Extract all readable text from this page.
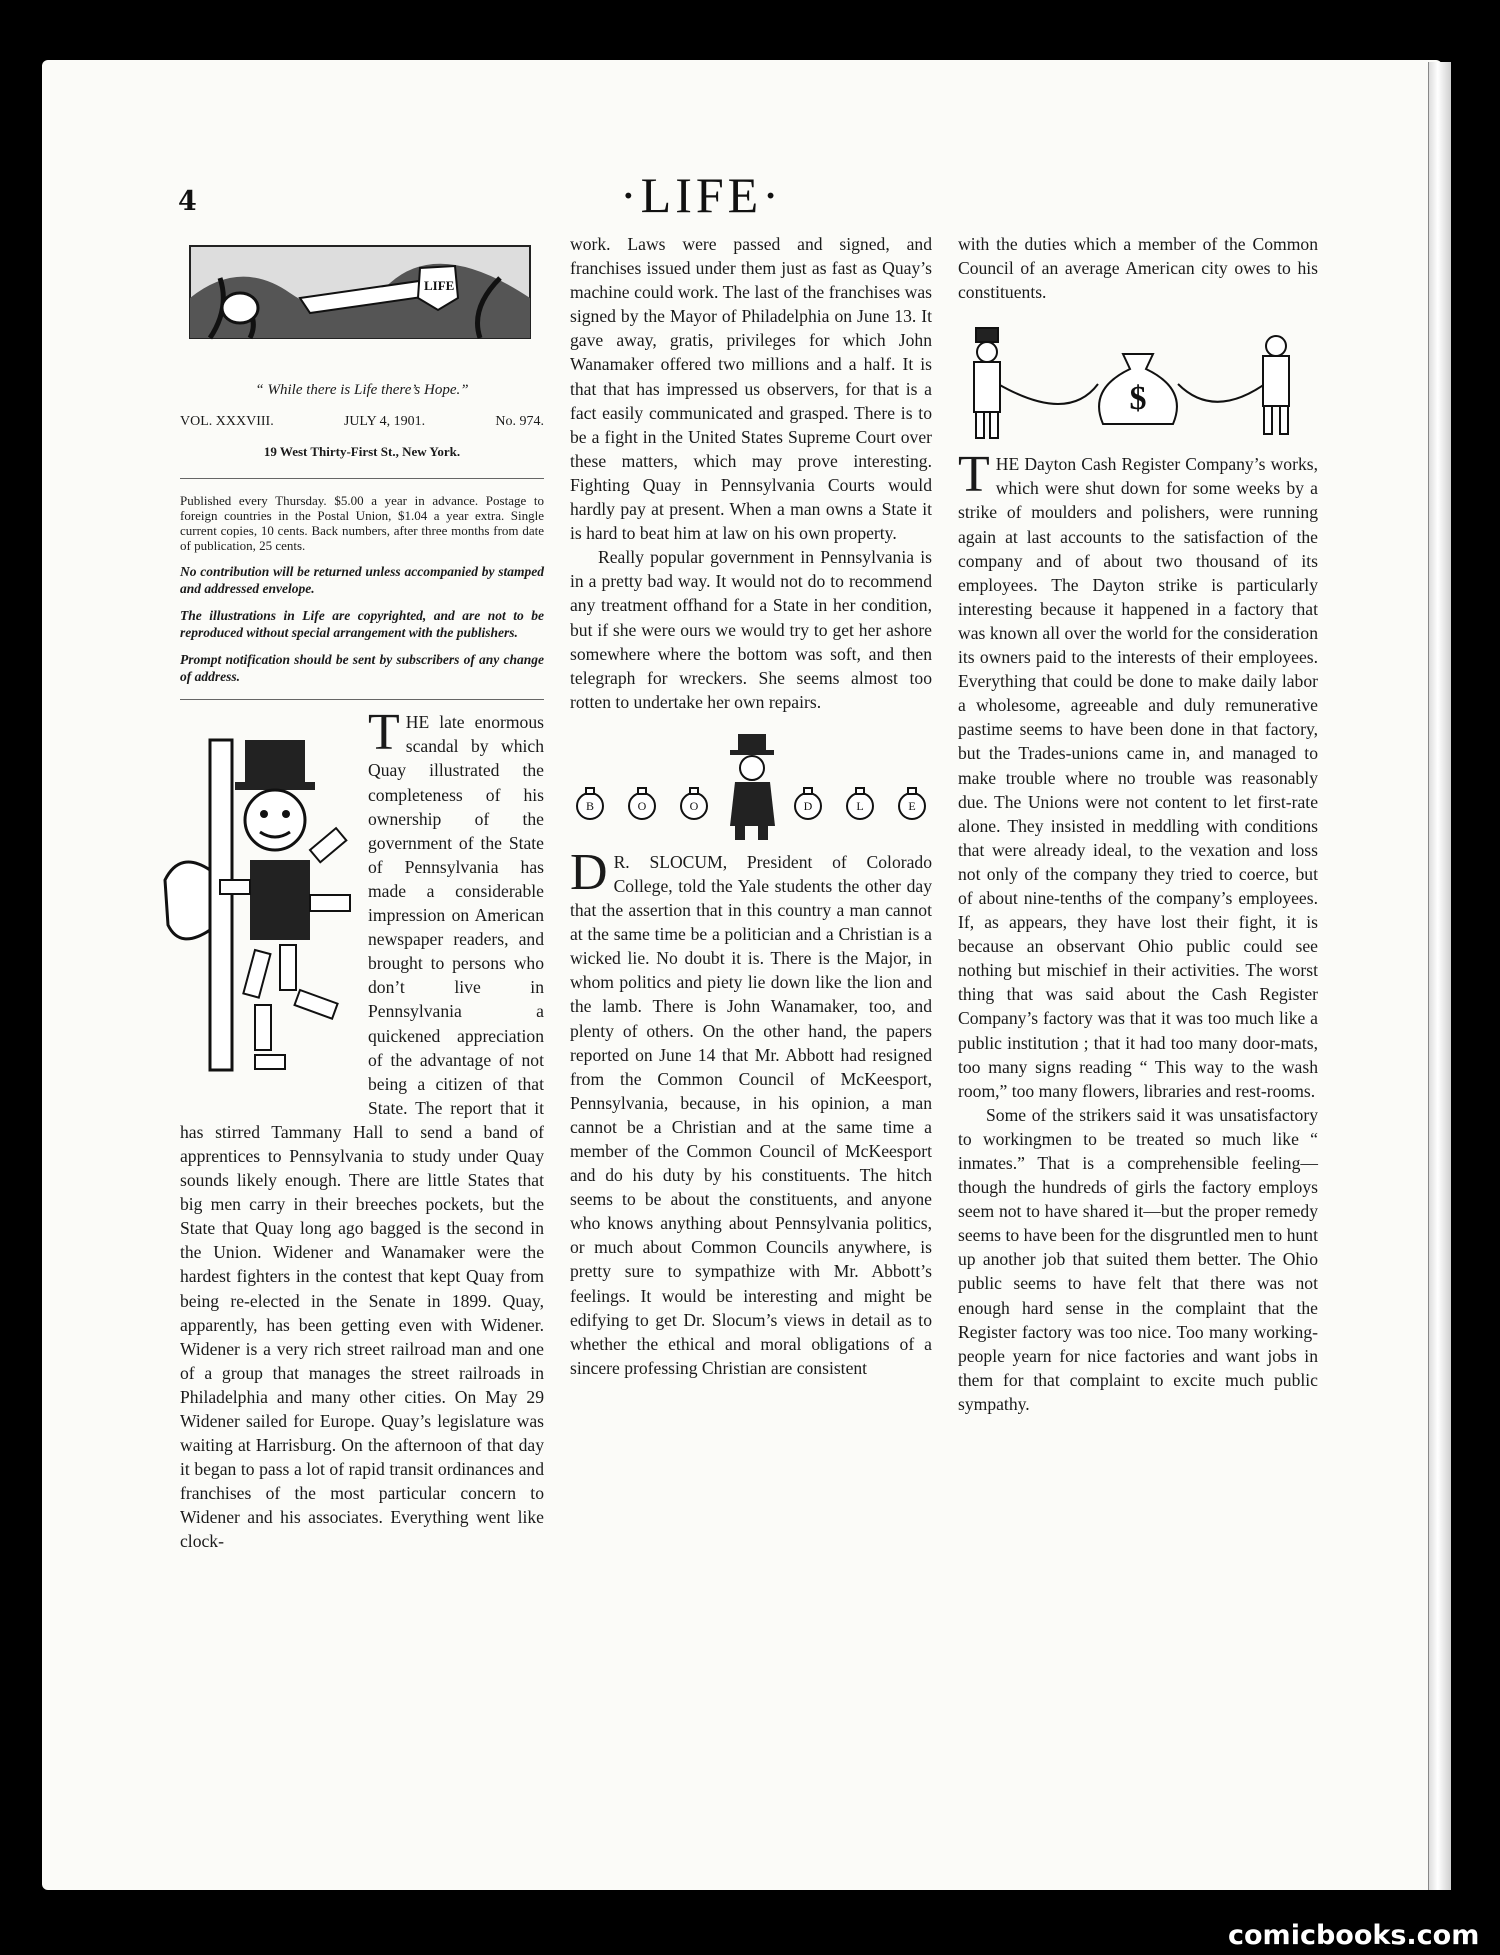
4	·LIFE·
LIFE
“ While there is Life there’s Hope.”
VOL. XXXVIII.	JULY 4, 1901.	No. 974.
19 West Thirty-First St., New York.
Published every Thursday. $5.00 a year in advance. Postage to foreign countries in the Postal Union, $1.04 a year extra. Single current copies, 10 cents. Back numbers, after three months from date of publication, 25 cents.
No contribution will be returned unless accompanied by stamped and addressed envelope.
The illustrations in Life are copyrighted, and are not to be reproduced without special arrangement with the publishers.
Prompt notification should be sent by subscribers of any change of address.

T HE late enormous scandal by which Quay illustrated the completeness of his ownership of the government of the State of Pennsylvania has made a considerable impression on American newspaper readers, and brought to persons who don’t live in Pennsylvania a quickened appreciation of the advantage of not being a citizen of that State. The report that it has stirred Tammany Hall to send a band of apprentices to Pennsylvania to study under Quay sounds likely enough. There are little States that big men carry in their breeches pockets, but the State that Quay long ago bagged is the second in the Union. Widener and Wanamaker were the hardest fighters in the contest that kept Quay from being re-elected in the Senate in 1899. Quay, apparently, has been getting even with Widener. Widener is a very rich street railroad man and one of a group that manages the street railroads in Philadelphia and many other cities. On May 29 Widener sailed for Europe. Quay’s legislature was waiting at Harrisburg. On the afternoon of that day it began to pass a lot of rapid transit ordinances and franchises of the most particular concern to Widener and his associates. Everything went like clock-

work. Laws were passed and signed, and franchises issued under them just as fast as Quay’s machine could work. The last of the franchises was signed by the Mayor of Philadelphia on June 13. It gave away, gratis, privileges for which John Wanamaker offered two millions and a half. It is that that has impressed us observers, for that is a fact easily communicated and grasped. There is to be a fight in the United States Supreme Court over these matters, which may prove interesting. Fighting Quay in Pennsylvania Courts would hardly pay at present. When a man owns a State it is hard to beat him at law on his own property.

Really popular government in Pennsylvania is in a pretty bad way. It would not do to recommend any treatment offhand for a State in her condition, but if she were ours we would try to get her ashore somewhere where the bottom was soft, and then telegraph for wreckers. She seems almost too rotten to undertake her own repairs.

B	O	O	D	L	E

D R. SLOCUM, President of Colorado College, told the Yale students the other day that the assertion that in this country a man cannot at the same time be a politician and a Christian is a wicked lie. No doubt it is. There is the Major, in whom politics and piety lie down like the lion and the lamb. There is John Wanamaker, too, and plenty of others. On the other hand, the papers reported on June 14 that Mr. Abbott had resigned from the Common Council of McKeesport, Pennsylvania, because, in his opinion, a man cannot be a Christian and at the same time a member of the Common Council of McKeesport and do his duty by his constituents. The hitch seems to be about the constituents, and anyone who knows anything about Pennsylvania politics, or much about Common Councils anywhere, is pretty sure to sympathize with Mr. Abbott’s feelings. It would be interesting and might be edifying to get Dr. Slocum’s views in detail as to whether the ethical and moral obligations of a sincere professing Christian are consistent

with the duties which a member of the Common Council of an average American city owes to his constituents.

$

T HE Dayton Cash Register Company’s works, which were shut down for some weeks by a strike of moulders and polishers, were running again at last accounts to the satisfaction of the company and of about two thousand of its employees. The Dayton strike is particularly interesting because it happened in a factory that was known all over the world for the consideration its owners paid to the interests of their employees. Everything that could be done to make daily labor a wholesome, agreeable and duly remunerative pastime seems to have been done in that factory, but the Trades-unions came in, and managed to make trouble where no trouble was reasonably due. The Unions were not content to let first-rate alone. They insisted in meddling with conditions that were already ideal, to the vexation and loss not only of the company they tried to coerce, but of about nine-tenths of the company’s employees. If, as appears, they have lost their fight, it is because an observant Ohio public could see nothing but mischief in their activities. The worst thing that was said about the Cash Register Company’s factory was that it was too much like a public institution ; that it had too many door-mats, too many signs reading “ This way to the wash room,” too many flowers, libraries and rest-rooms.

Some of the strikers said it was unsatisfactory to workingmen to be treated so much like “ inmates.” That is a comprehensible feeling—though the hundreds of girls the factory employs seem not to have shared it—but the proper remedy seems to have been for the disgruntled men to hunt up another job that suited them better. The Ohio public seems to have felt that there was not enough hard sense in the complaint that the Register factory was too nice. Too many working-people yearn for nice factories and want jobs in them for that complaint to excite much public sympathy.

comicbooks.com
